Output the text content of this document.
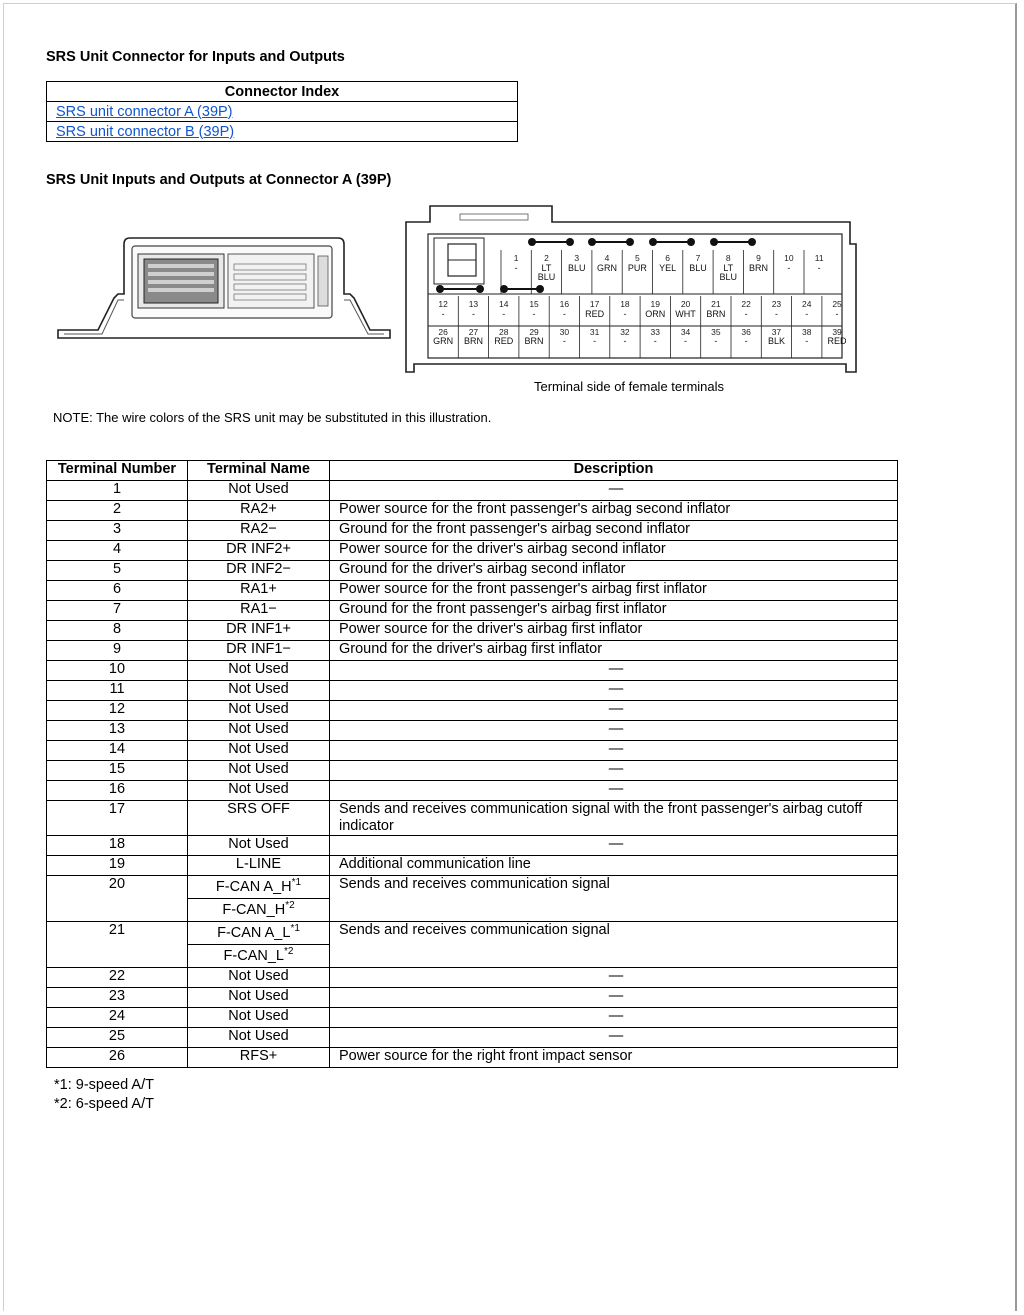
SRS Unit Connector for Inputs and Outputs
Connector Index
SRS unit connector A (39P)
SRS unit connector B (39P)
SRS Unit Inputs and Outputs at Connector A (39P)
1
-
2
LT
BLU
3
BLU
4
GRN
5
PUR
6
YEL
7
BLU
8
LT
BLU
9
BRN
10
-
11
-
12
-
13
-
14
-
15
-
16
-
17
RED
18
-
19
ORN
20
WHT
21
BRN
22
-
23
-
24
-
25
-
26
GRN
27
BRN
28
RED
29
BRN
30
-
31
-
32
-
33
-
34
-
35
-
36
-
37
BLK
38
-
39
RED
Terminal side of female terminals
NOTE: The wire colors of the SRS unit may be substituted in this illustration.
Terminal Number	Terminal Name	Description
1	Not Used	—
2	RA2+	Power source for the front passenger's airbag second inflator
3	RA2−	Ground for the front passenger's airbag second inflator
4	DR INF2+	Power source for the driver's airbag second inflator
5	DR INF2−	Ground for the driver's airbag second inflator
6	RA1+	Power source for the front passenger's airbag first inflator
7	RA1−	Ground for the front passenger's airbag first inflator
8	DR INF1+	Power source for the driver's airbag first inflator
9	DR INF1−	Ground for the driver's airbag first inflator
10	Not Used	—
11	Not Used	—
12	Not Used	—
13	Not Used	—
14	Not Used	—
15	Not Used	—
16	Not Used	—
17	SRS OFF	Sends and receives communication signal with the front passenger's airbag cutoff indicator
18	Not Used	—
19	L-LINE	Additional communication line
20	F-CAN $A\_H^{*1}$	Sends and receives communication signal
	$F-CAN\_H^{*2}$
21	F-CAN $A\_L^{*1}$	Sends and receives communication signal
	$F-CAN\_L^{*2}$
22	Not Used	—
23	Not Used	—
24	Not Used	—
25	Not Used	—
26	RFS+	Power source for the right front impact sensor
*1: 9-speed A/T
*2: 6-speed A/T
